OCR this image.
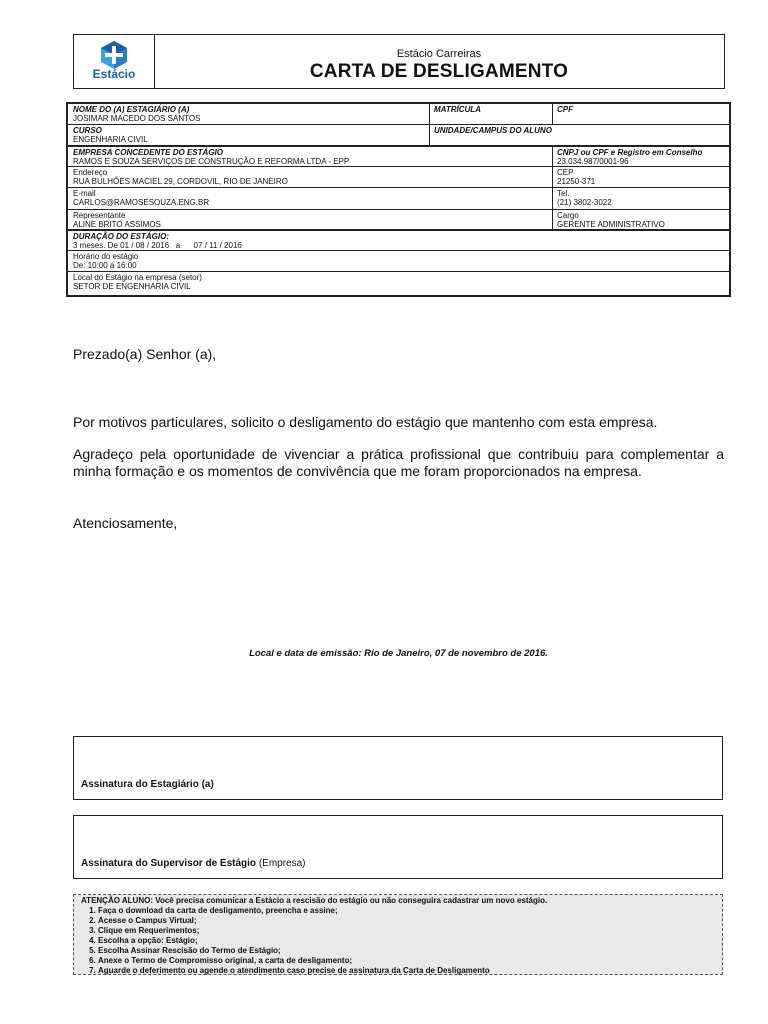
Estácio
Estácio Carreiras
CARTA DE DESLIGAMENTO
NOME DO (A) ESTAGIÁRIO (A)
JOSIMAR MACEDO DOS SANTOS
MATRÍCULA	CPF
CURSO
ENGENHARIA CIVIL
UNIDADE/CAMPUS DO ALUNO
EMPRESA CONCEDENTE DO ESTÁGIO
RAMOS E SOUZA SERVIÇOS DE CONSTRUÇÃO E REFORMA LTDA - EPP
CNPJ ou CPF e Registro em Conselho
23.034.987/0001-96
Endereço
RUA BULHÕES MACIEL 29, CORDOVIL, RIO DE JANEIRO
CEP
21250-371
E-mail
CARLOS@RAMOSESOUZA.ENG.BR
Tel.
(21) 3802-3022
Representante
ALINE BRITO ASSIMOS
Cargo
GERENTE ADMINISTRATIVO
DURAÇÃO DO ESTÁGIO:
3 meses. De 01 / 08 / 2016   a      07 / 11 / 2016
Horário do estágio
De: 10:00 a 16:00
Local do Estágio na empresa (setor)
SETOR DE ENGENHARIA CIVIL
Prezado(a) Senhor (a),
Por motivos particulares, solicito o desligamento do estágio que mantenho com esta empresa.
Agradeço pela oportunidade de vivenciar a prática profissional que contribuiu para complementar a minha formação e os momentos de convivência que me foram proporcionados na empresa.
Atenciosamente,
Local e data de emissão: Rio de Janeiro, 07 de novembro de 2016.
Assinatura do Estagiário (a)
Assinatura do Supervisor de Estágio (Empresa)
ATENÇÃO ALUNO: Você precisa comunicar a Estácio a rescisão do estágio ou não conseguira cadastrar um novo estágio.
1. Faça o download da carta de desligamento, preencha e assine;
2. Acesse o Campus Virtual;
3. Clique em Requerimentos;
4. Escolha a opção: Estágio;
5. Escolha Assinar Rescisão do Termo de Estágio;
6. Anexe o Termo de Compromisso original, a carta de desligamento;
7. Aguarde o deferimento ou agende o atendimento caso precise de assinatura da Carta de Desligamento
